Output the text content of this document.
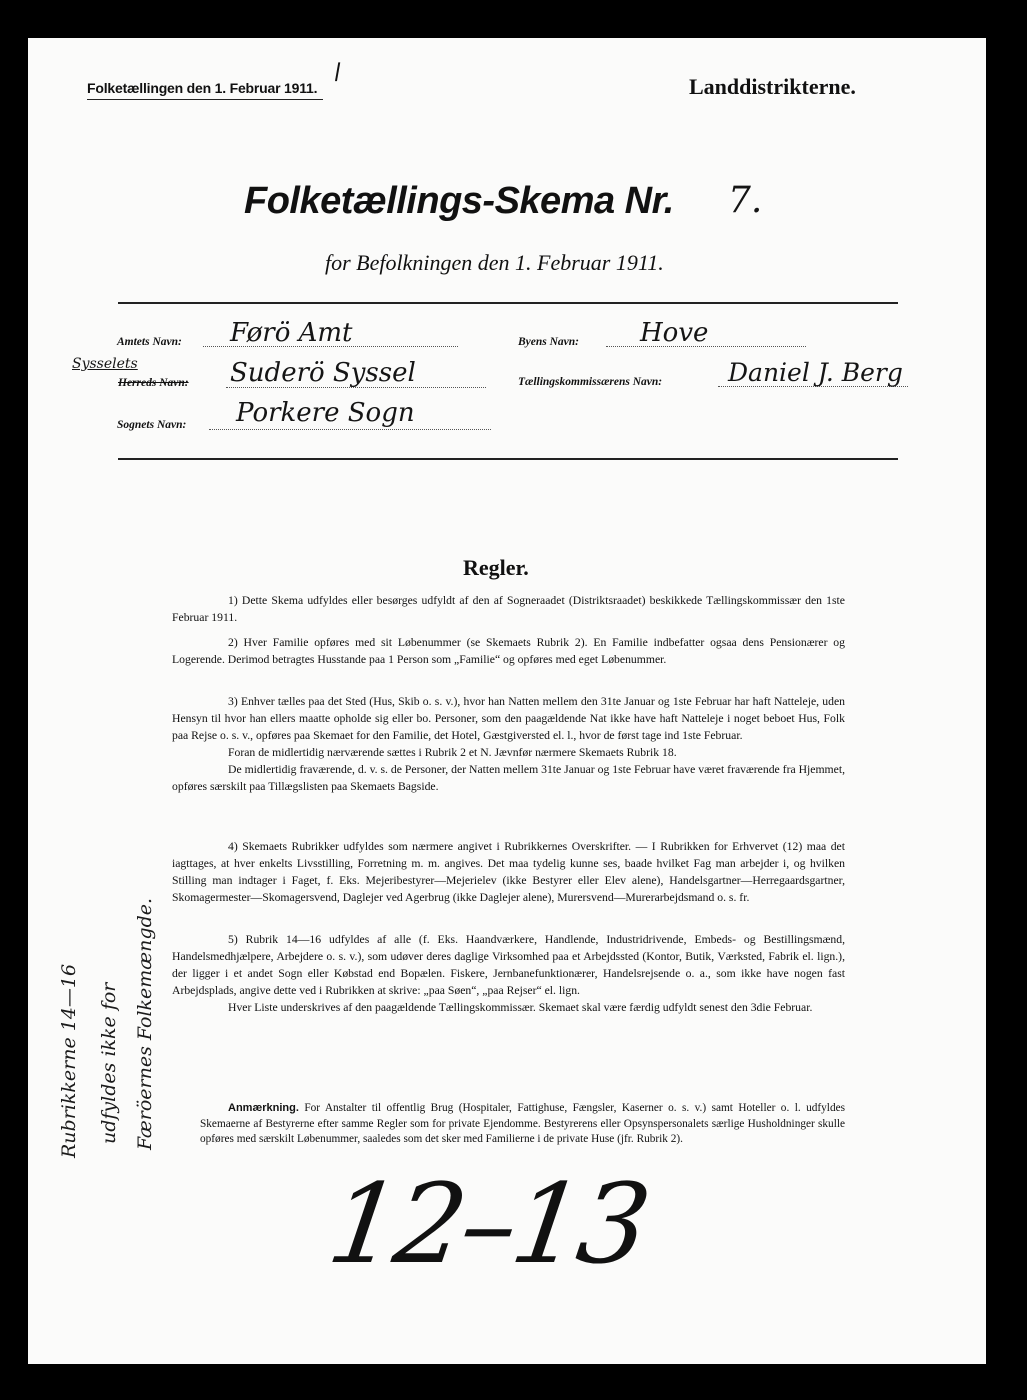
Folketællingen den 1. Februar 1911.
ǀ
Landdistrikterne.
Folketællings-Skema Nr. 7.
for Befolkningen den 1. Februar 1911.
Amtets Navn:	Førö Amt
Sysselets
Herreds Navn:	Suderö Syssel
Sognets Navn:	Porkere Sogn
Byens Navn:	Hove
Tællingskommissærens Navn:	Daniel J. Berg
Regler.

1) Dette Skema udfyldes eller besørges udfyldt af den af Sogneraadet (Distriktsraadet) beskikkede Tællingskommissær den 1ste Februar 1911.

2) Hver Familie opføres med sit Løbenummer (se Skemaets Rubrik 2). En Familie indbefatter ogsaa dens Pensionærer og Logerende. Derimod betragtes Husstande paa 1 Person som „Familie“ og opføres med eget Løbenummer.

3) Enhver tælles paa det Sted (Hus, Skib o. s. v.), hvor han Natten mellem den 31te Januar og 1ste Februar har haft Natteleje, uden Hensyn til hvor han ellers maatte opholde sig eller bo. Personer, som den paagældende Nat ikke have haft Natteleje i noget beboet Hus, Folk paa Rejse o. s. v., opføres paa Skemaet for den Familie, det Hotel, Gæstgiversted el. l., hvor de først tage ind 1ste Februar.

Foran de midlertidig nærværende sættes i Rubrik 2 et N. Jævnfør nærmere Skemaets Rubrik 18.

De midlertidig fraværende, d. v. s. de Personer, der Natten mellem 31te Januar og 1ste Februar have været fraværende fra Hjemmet, opføres særskilt paa Tillægslisten paa Skemaets Bagside.

4) Skemaets Rubrikker udfyldes som nærmere angivet i Rubrikkernes Overskrifter. — I Rubrikken for Erhvervet (12) maa det iagttages, at hver enkelts Livsstilling, Forretning m. m. angives. Det maa tydelig kunne ses, baade hvilket Fag man arbejder i, og hvilken Stilling man indtager i Faget, f. Eks. Mejeribestyrer—Mejerielev (ikke Bestyrer eller Elev alene), Handelsgartner—Herregaardsgartner, Skomagermester—Skomagersvend, Daglejer ved Agerbrug (ikke Daglejer alene), Murersvend—Murerarbejdsmand o. s. fr.

5) Rubrik 14—16 udfyldes af alle (f. Eks. Haandværkere, Handlende, Industridrivende, Embeds- og Bestillingsmænd, Handelsmedhjælpere, Arbejdere o. s. v.), som udøver deres daglige Virksomhed paa et Arbejdssted (Kontor, Butik, Værksted, Fabrik el. lign.), der ligger i et andet Sogn eller Købstad end Bopælen. Fiskere, Jernbanefunktionærer, Handelsrejsende o. a., som ikke have nogen fast Arbejdsplads, angive dette ved i Rubrikken at skrive: „paa Søen“, „paa Rejser“ el. lign.

Hver Liste underskrives af den paagældende Tællingskommissær. Skemaet skal være færdig udfyldt senest den 3die Februar.

Anmærkning. For Anstalter til offentlig Brug (Hospitaler, Fattighuse, Fængsler, Kaserner o. s. v.) samt Hoteller o. l. udfyldes Skemaerne af Bestyrerne efter samme Regler som for private Ejendomme. Bestyrerens eller Opsynspersonalets særlige Husholdninger skulle opføres med særskilt Løbenummer, saaledes som det sker med Familierne i de private Huse (jfr. Rubrik 2).
Rubrikkerne 14—16 udfyldes ikke for Færöernes Folkemængde.
12–13
